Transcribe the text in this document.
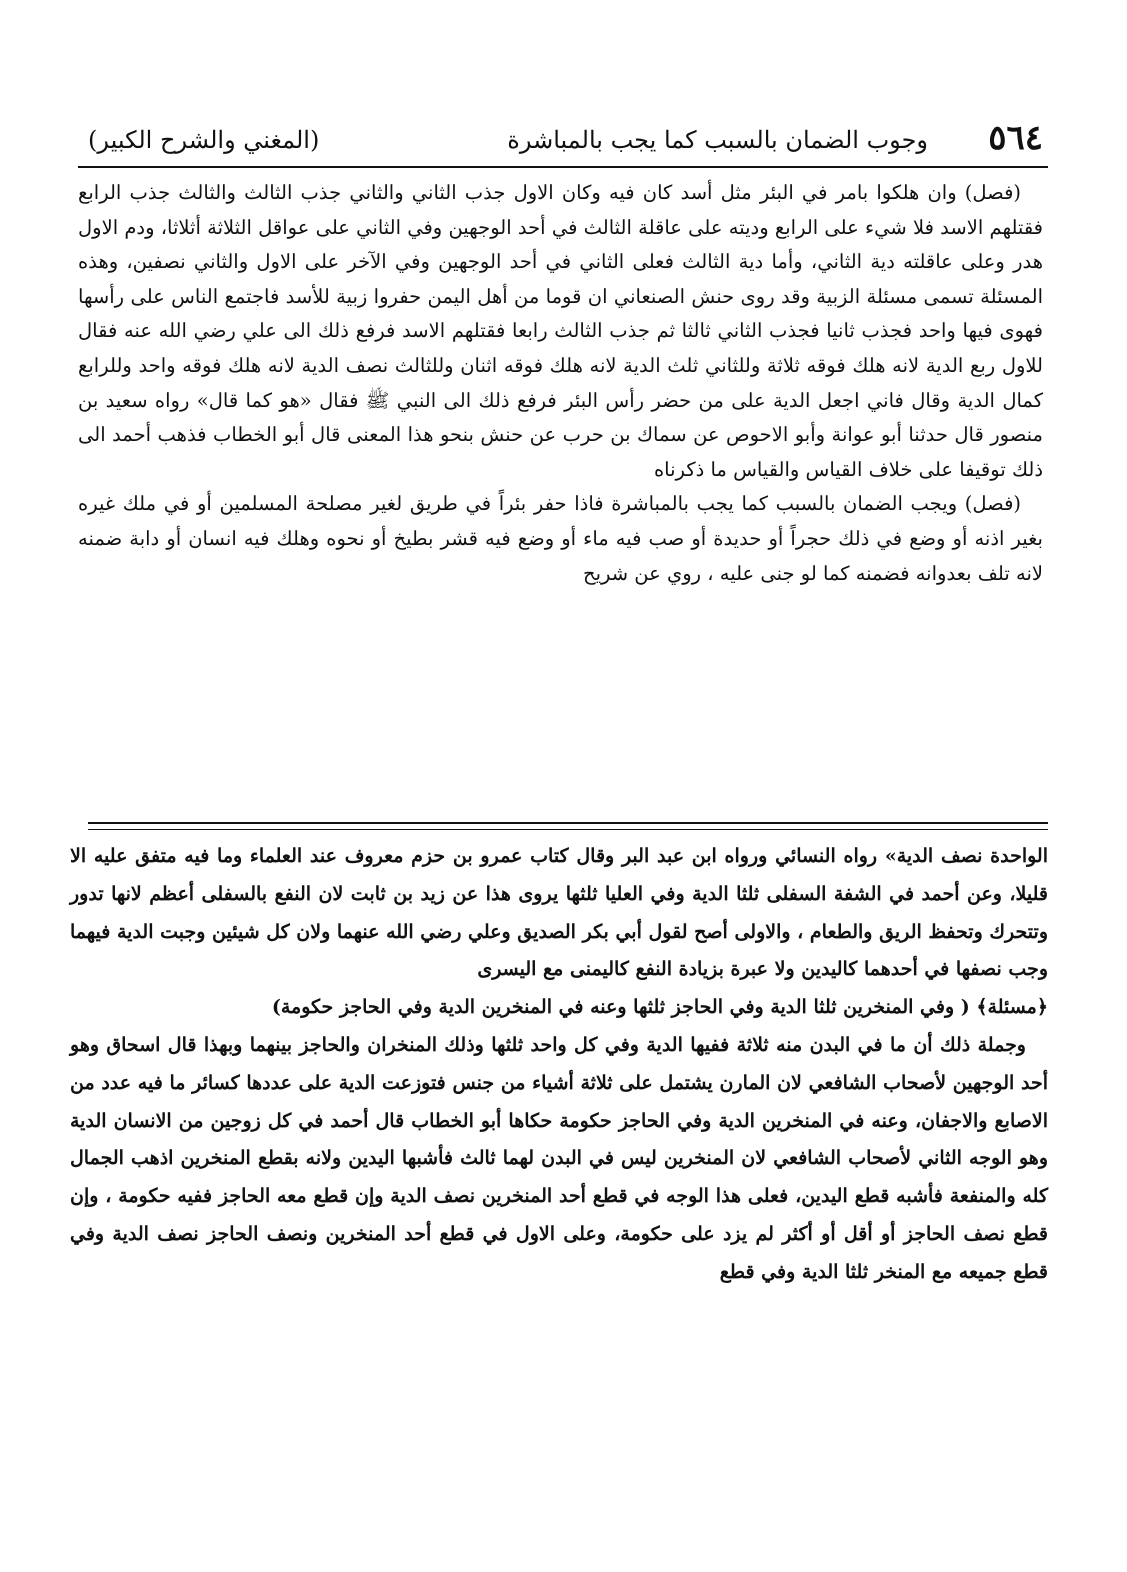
٥٦٤
وجوب الضمان بالسبب كما يجب بالمباشرة
(المغني والشرح الكبير)

(فصل) وان هلكوا بامر في البئر مثل أسد كان فيه وكان الاول جذب الثاني والثاني جذب الثالث والثالث جذب الرابع فقتلهم الاسد فلا شيء على الرابع وديته على عاقلة الثالث في أحد الوجهين وفي الثاني على عواقل الثلاثة أثلاثا، ودم الاول هدر وعلى عاقلته دية الثاني، وأما دية الثالث فعلى الثاني في أحد الوجهين وفي الآخر على الاول والثاني نصفين، وهذه المسئلة تسمى مسئلة الزبية وقد روى حنش الصنعاني ان قوما من أهل اليمن حفروا زبية للأسد فاجتمع الناس على رأسها فهوى فيها واحد فجذب ثانيا فجذب الثاني ثالثا ثم جذب الثالث رابعا فقتلهم الاسد فرفع ذلك الى علي رضي الله عنه فقال للاول ربع الدية لانه هلك فوقه ثلاثة وللثاني ثلث الدية لانه هلك فوقه اثنان وللثالث نصف الدية لانه هلك فوقه واحد وللرابع كمال الدية وقال فاني اجعل الدية على من حضر رأس البئر فرفع ذلك الى النبي ﷺ فقال «هو كما قال» رواه سعيد بن منصور قال حدثنا أبو عوانة وأبو الاحوص عن سماك بن حرب عن حنش بنحو هذا المعنى قال أبو الخطاب فذهب أحمد الى ذلك توقيفا على خلاف القياس والقياس ما ذكرناه

(فصل) ويجب الضمان بالسبب كما يجب بالمباشرة فاذا حفر بئراً في طريق لغير مصلحة المسلمين أو في ملك غيره بغير اذنه أو وضع في ذلك حجراً أو حديدة أو صب فيه ماء أو وضع فيه قشر بطيخ أو نحوه وهلك فيه انسان أو دابة ضمنه لانه تلف بعدوانه فضمنه كما لو جنى عليه ، روي عن شريح

الواحدة نصف الدية» رواه النسائي ورواه ابن عبد البر وقال كتاب عمرو بن حزم معروف عند العلماء وما فيه متفق عليه الا قليلا، وعن أحمد في الشفة السفلى ثلثا الدية وفي العليا ثلثها يروى هذا عن زيد بن ثابت لان النفع بالسفلى أعظم لانها تدور وتتحرك وتحفظ الريق والطعام ، والاولى أصح لقول أبي بكر الصديق وعلي رضي الله عنهما ولان كل شيئين وجبت الدية فيهما وجب نصفها في أحدهما كاليدين ولا عبرة بزيادة النفع كاليمنى مع اليسرى

﴿مسئلة﴾ ( وفي المنخرين ثلثا الدية وفي الحاجز ثلثها وعنه في المنخرين الدية وفي الحاجز حكومة)

وجملة ذلك أن ما في البدن منه ثلاثة ففيها الدية وفي كل واحد ثلثها وذلك المنخران والحاجز بينهما وبهذا قال اسحاق وهو أحد الوجهين لأصحاب الشافعي لان المارن يشتمل على ثلاثة أشياء من جنس فتوزعت الدية على عددها كسائر ما فيه عدد من الاصابع والاجفان، وعنه في المنخرين الدية وفي الحاجز حكومة حكاها أبو الخطاب قال أحمد في كل زوجين من الانسان الدية وهو الوجه الثاني لأصحاب الشافعي لان المنخرين ليس في البدن لهما ثالث فأشبها اليدين ولانه بقطع المنخرين اذهب الجمال كله والمنفعة فأشبه قطع اليدين، فعلى هذا الوجه في قطع أحد المنخرين نصف الدية وإن قطع معه الحاجز ففيه حكومة ، وإن قطع نصف الحاجز أو أقل أو أكثر لم يزد على حكومة، وعلى الاول في قطع أحد المنخرين ونصف الحاجز نصف الدية وفي قطع جميعه مع المنخر ثلثا الدية وفي قطع
